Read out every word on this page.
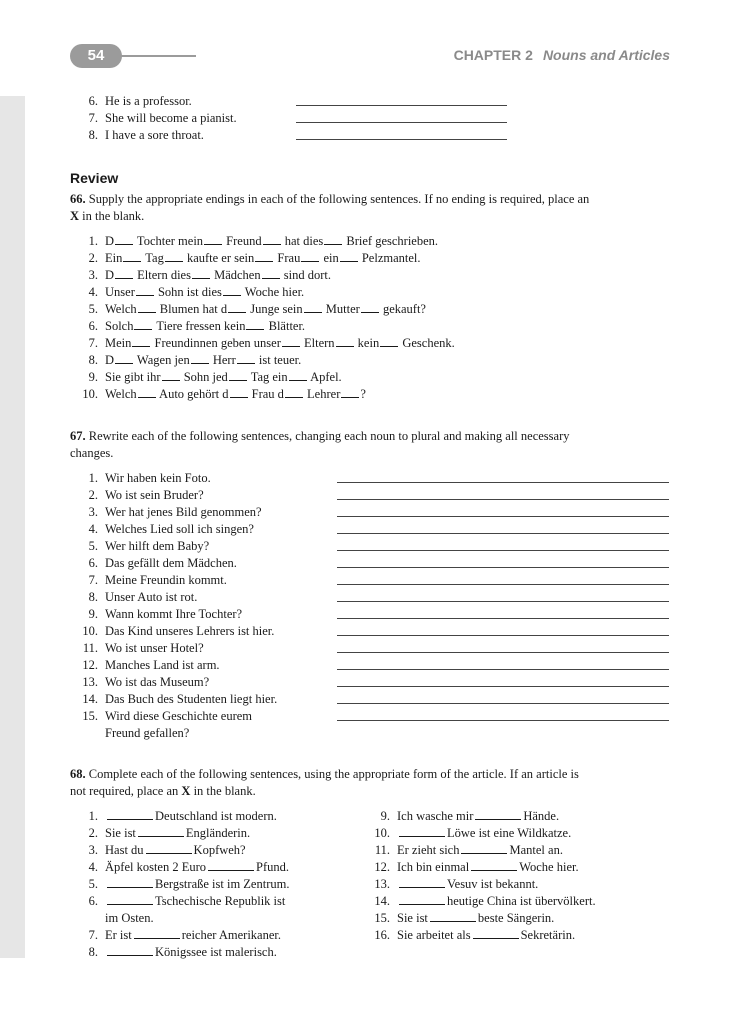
54	CHAPTER 2 Nouns and Articles
6. He is a professor.
7. She will become a pianist.
8. I have a sore throat.
Review
66. Supply the appropriate endings in each of the following sentences. If no ending is required, place an
X in the blank.
1. D Tochter mein Freund hat dies Brief geschrieben.
2. Ein Tag kaufte er sein Frau ein Pelzmantel.
3. D Eltern dies Mädchen sind dort.
4. Unser Sohn ist dies Woche hier.
5. Welch Blumen hat d Junge sein Mutter gekauft?
6. Solch Tiere fressen kein Blätter.
7. Mein Freundinnen geben unser Eltern kein Geschenk.
8. D Wagen jen Herr ist teuer.
9. Sie gibt ihr Sohn jed Tag ein Apfel.
10. Welch Auto gehört d Frau d Lehrer ?
67. Rewrite each of the following sentences, changing each noun to plural and making all necessary
changes.
1. Wir haben kein Foto.
2. Wo ist sein Bruder?
3. Wer hat jenes Bild genommen?
4. Welches Lied soll ich singen?
5. Wer hilft dem Baby?
6. Das gefällt dem Mädchen.
7. Meine Freundin kommt.
8. Unser Auto ist rot.
9. Wann kommt Ihre Tochter?
10. Das Kind unseres Lehrers ist hier.
11. Wo ist unser Hotel?
12. Manches Land ist arm.
13. Wo ist das Museum?
14. Das Buch des Studenten liegt hier.
15. Wird diese Geschichte eurem
Freund gefallen?
68. Complete each of the following sentences, using the appropriate form of the article. If an article is
not required, place an X in the blank.
1.	Deutschland ist modern.
2. Sie ist	Engländerin.
3. Hast du	Kopfweh?
4. Äpfel kosten 2 Euro	Pfund.
5.	Bergstraße ist im Zentrum.
6.	Tschechische Republik ist
im Osten.
7. Er ist	reicher Amerikaner.
8.	Königssee ist malerisch.
9. Ich wasche mir	Hände.
10.	Löwe ist eine Wildkatze.
11. Er zieht sich	Mantel an.
12. Ich bin einmal	Woche hier.
13.	Vesuv ist bekannt.
14.	heutige China ist übervölkert.
15. Sie ist	beste Sängerin.
16. Sie arbeitet als	Sekretärin.
